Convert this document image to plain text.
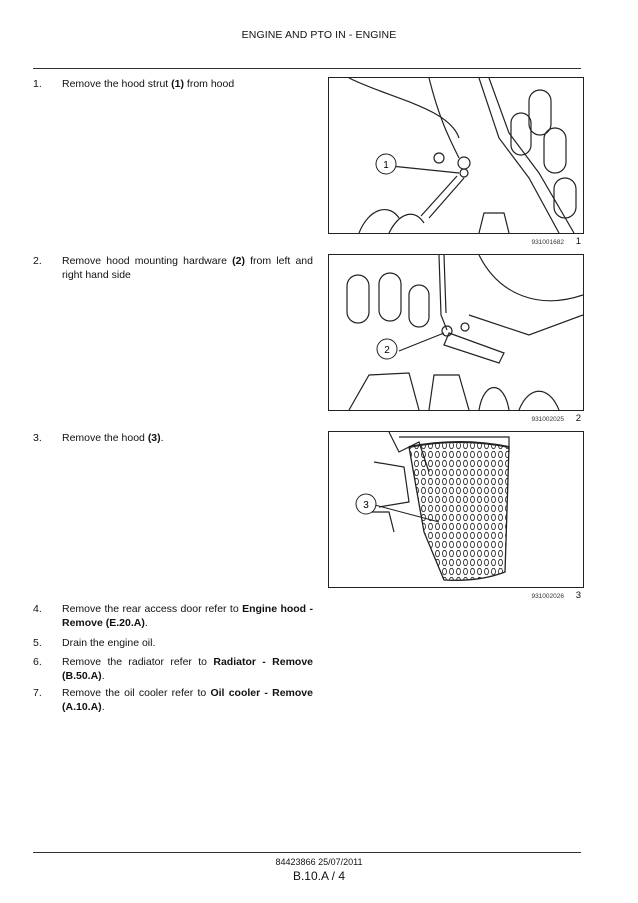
ENGINE AND PTO IN - ENGINE
1. Remove the hood strut (1) from hood
1
931001682 1
2. Remove hood mounting hardware (2) from left and right hand side
2
931002025 2
3. Remove the hood (3).
3
931002026 3
4. Remove the rear access door refer to Engine hood - Remove (E.20.A).
5. Drain the engine oil.
6. Remove the radiator refer to Radiator - Remove (B.50.A).
7. Remove the oil cooler refer to Oil cooler - Remove (A.10.A).
84423866 25/07/2011
B.10.A / 4
